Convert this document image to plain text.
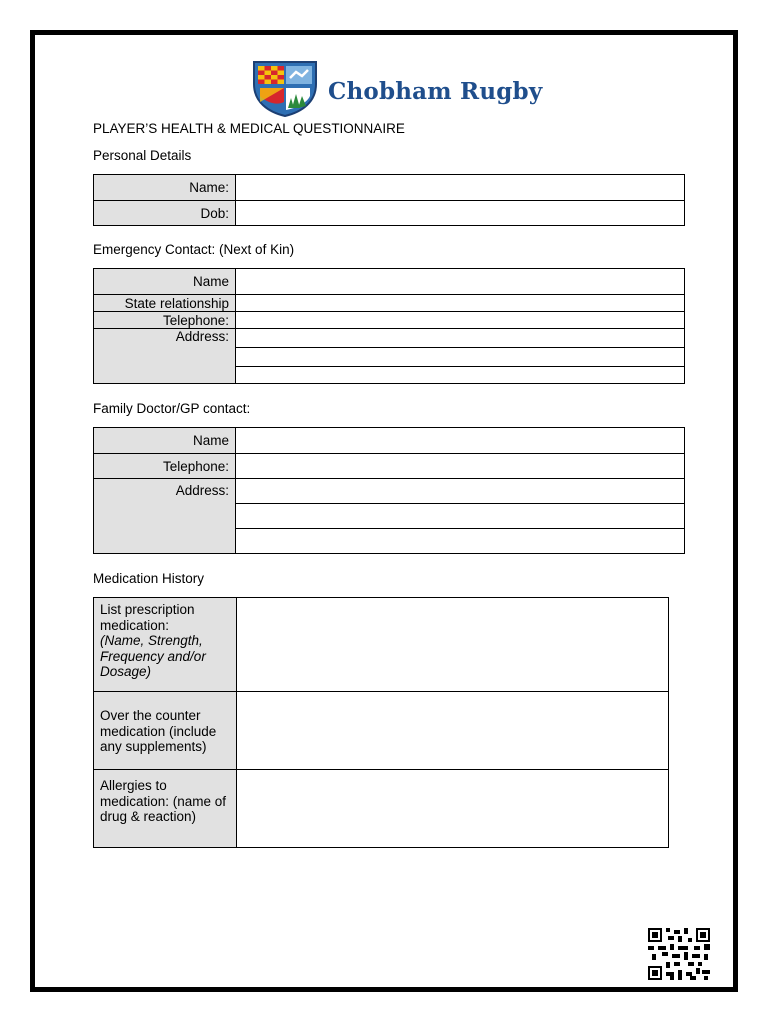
Chobham Rugby
PLAYER’S HEALTH & MEDICAL QUESTIONNAIRE
Personal Details
Name:	
Dob:	
Emergency Contact: (Next of Kin)
Name	
State relationship	
Telephone:	
Address:	

Family Doctor/GP contact:
Name	
Telephone:	
Address:	

Medication History
List prescription medication:
(Name, Strength, Frequency and/or Dosage)	

Over the counter medication (include any supplements)	
Allergies to medication: (name of drug & reaction)	
